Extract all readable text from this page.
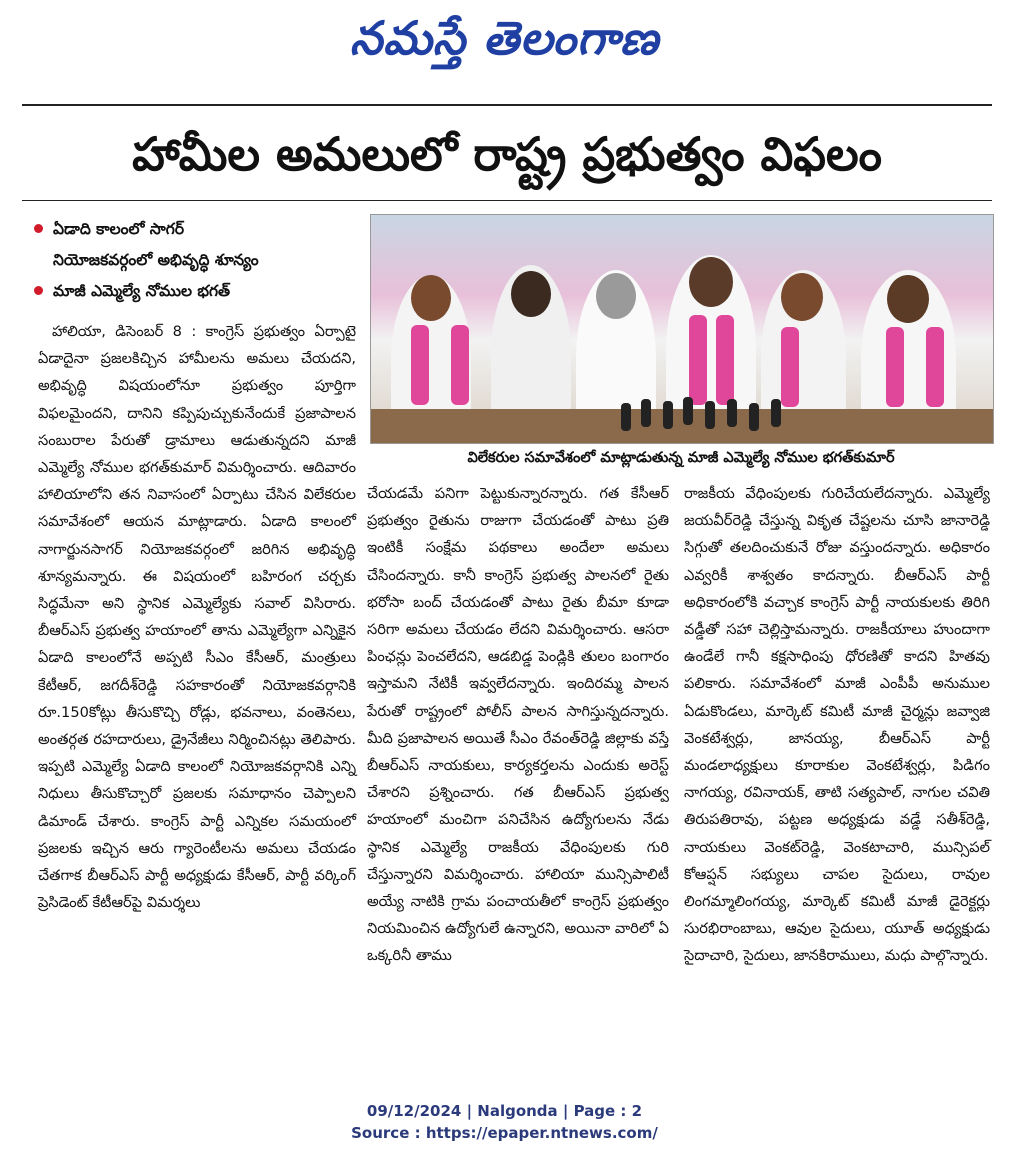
నమస్తే తెలంగాణ
హామీల అమలులో రాష్ట్ర ప్రభుత్వం విఫలం
ఏడాది కాలంలో సాగర్
నియోజకవర్గంలో అభివృద్ధి శూన్యం
మాజీ ఎమ్మెల్యే నోముల భగత్

హాలియా, డిసెంబర్ 8 : కాంగ్రెస్ ప్రభుత్వం ఏర్పాటై ఏడాదైనా ప్రజలకిచ్చిన హామీలను అమలు చేయదని, అభివృద్ధి విషయంలోనూ ప్రభుత్వం పూర్తిగా విఫలమైందని, దానిని కప్పిపుచ్చుకునేందుకే ప్రజాపాలన సంబురాల పేరుతో డ్రామాలు ఆడుతున్నదని మాజీ ఎమ్మెల్యే నోముల భగత్‌కుమార్ విమర్శించారు. ఆదివారం హాలియాలోని తన నివాసంలో ఏర్పాటు చేసిన విలేకరుల సమావేశంలో ఆయన మాట్లాడారు. ఏడాది కాలంలో నాగార్జునసాగర్ నియోజకవర్గంలో జరిగిన అభివృద్ధి శూన్యమన్నారు. ఈ విషయంలో బహిరంగ చర్చకు సిద్ధమేనా అని స్థానిక ఎమ్మెల్యేకు సవాల్ విసిరారు. బీఆర్‌ఎస్ ప్రభుత్వ హయాంలో తాను ఎమ్మెల్యేగా ఎన్నికైన ఏడాది కాలంలోనే అప్పటి సీఎం కేసీఆర్, మంత్రులు కేటీఆర్, జగదీశ్‌రెడ్డి సహకారంతో నియోజకవర్గానికి రూ.150కోట్లు తీసుకొచ్చి రోడ్లు, భవనాలు, వంతెనలు, అంతర్గత రహదారులు, డ్రైనేజీలు నిర్మించినట్లు తెలిపారు. ఇప్పటి ఎమ్మెల్యే ఏడాది కాలంలో నియోజకవర్గానికి ఎన్ని నిధులు తీసుకొచ్చారో ప్రజలకు సమాధానం చెప్పాలని డిమాండ్ చేశారు. కాంగ్రెస్ పార్టీ ఎన్నికల సమయంలో ప్రజలకు ఇచ్చిన ఆరు గ్యారెంటీలను అమలు చేయడం చేతగాక బీఆర్‌ఎస్ పార్టీ అధ్యక్షుడు కేసీఆర్, పార్టీ వర్కింగ్ ప్రెసిడెంట్ కేటీఆర్‌పై విమర్శలు

విలేకరుల సమావేశంలో మాట్లాడుతున్న మాజీ ఎమ్మెల్యే నోముల భగత్‌కుమార్

చేయడమే పనిగా పెట్టుకున్నారన్నారు. గత కేసీఆర్ ప్రభుత్వం రైతును రాజుగా చేయడంతో పాటు ప్రతి ఇంటికీ సంక్షేమ పథకాలు అందేలా అమలు చేసిందన్నారు. కానీ కాంగ్రెస్ ప్రభుత్వ పాలనలో రైతు భరోసా బంద్ చేయడంతో పాటు రైతు బీమా కూడా సరిగా అమలు చేయడం లేదని విమర్శించారు. ఆసరా పింఛన్లు పెంచలేదని, ఆడబిడ్డ పెండ్లికి తులం బంగారం ఇస్తామని నేటికీ ఇవ్వలేదన్నారు. ఇందిరమ్మ పాలన పేరుతో రాష్ట్రంలో పోలీస్ పాలన సాగిస్తున్నదన్నారు. మీది ప్రజాపాలన అయితే సీఎం రేవంత్‌రెడ్డి జిల్లాకు వస్తే బీఆర్‌ఎస్ నాయకులు, కార్యకర్తలను ఎందుకు అరెస్ట్ చేశారని ప్రశ్నించారు. గత బీఆర్‌ఎస్ ప్రభుత్వ హయాంలో మంచిగా పనిచేసిన ఉద్యోగులను నేడు స్థానిక ఎమ్మెల్యే రాజకీయ వేధింపులకు గురి చేస్తున్నారని విమర్శించారు. హాలియా మున్సిపాలిటీ అయ్యే నాటికి గ్రామ పంచాయతీలో కాంగ్రెస్ ప్రభుత్వం నియమించిన ఉద్యోగులే ఉన్నారని, అయినా వారిలో ఏ ఒక్కరినీ తాము

రాజకీయ వేధింపులకు గురిచేయలేదన్నారు. ఎమ్మెల్యే జయవీర్‌రెడ్డి చేస్తున్న వికృత చేష్టలను చూసి జానారెడ్డి సిగ్గుతో తలదించుకునే రోజు వస్తుందన్నారు. అధికారం ఎవ్వరికీ శాశ్వతం కాదన్నారు. బీఆర్‌ఎస్ పార్టీ అధికారంలోకి వచ్చాక కాంగ్రెస్ పార్టీ నాయకులకు తిరిగి వడ్డీతో సహా చెల్లిస్తామన్నారు. రాజకీయాలు హుందాగా ఉండేలే గానీ కక్షసాధింపు ధోరణితో కాదని హితవు పలికారు. సమావేశంలో మాజీ ఎంపీపీ అనుముల ఏడుకొండలు, మార్కెట్ కమిటీ మాజీ చైర్మన్లు జవ్వాజి వెంకటేశ్వర్లు, జానయ్య, బీఆర్‌ఎస్ పార్టీ మండలాధ్యక్షులు కూరాకుల వెంకటేశ్వర్లు, పిడిగం నాగయ్య, రవినాయక్, తాటి సత్యపాల్, నాగుల చవితి తిరుపతిరావు, పట్టణ అధ్యక్షుడు వడ్డే సతీశ్‌రెడ్డి, నాయకులు వెంకట్‌రెడ్డి, వెంకటాచారి, మున్సిపల్ కోఆప్షన్ సభ్యులు చాపల సైదులు, రావుల లింగమ్మాలింగయ్య, మార్కెట్ కమిటీ మాజీ డైరెక్టర్లు సురభిరాంబాబు, ఆవుల సైదులు, యూత్ అధ్యక్షుడు సైదాచారి, సైదులు, జానకిరాములు, మధు పాల్గొన్నారు.

09/12/2024 | Nalgonda | Page : 2
Source : https://epaper.ntnews.com/
